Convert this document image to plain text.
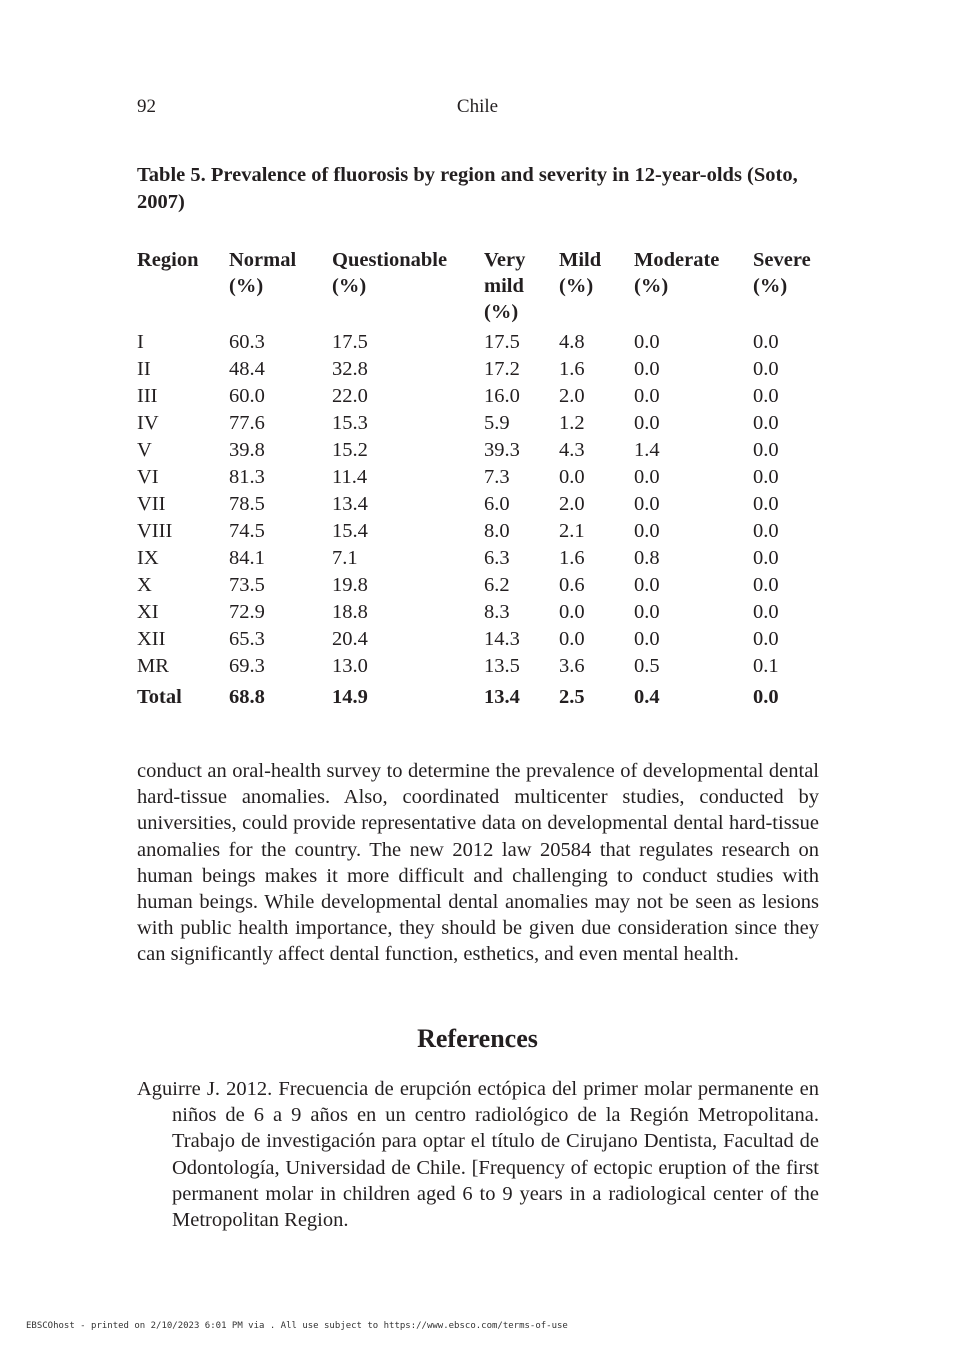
92	Chile
Table 5. Prevalence of fluorosis by region and severity in 12-year-olds (Soto, 2007)
Region	Normal (%)	Questionable (%)	Very mild (%)	Mild (%)	Moderate (%)	Severe (%)
I	60.3	17.5	17.5	4.8	0.0	0.0
II	48.4	32.8	17.2	1.6	0.0	0.0
III	60.0	22.0	16.0	2.0	0.0	0.0
IV	77.6	15.3	5.9	1.2	0.0	0.0
V	39.8	15.2	39.3	4.3	1.4	0.0
VI	81.3	11.4	7.3	0.0	0.0	0.0
VII	78.5	13.4	6.0	2.0	0.0	0.0
VIII	74.5	15.4	8.0	2.1	0.0	0.0
IX	84.1	7.1	6.3	1.6	0.8	0.0
X	73.5	19.8	6.2	0.6	0.0	0.0
XI	72.9	18.8	8.3	0.0	0.0	0.0
XII	65.3	20.4	14.3	0.0	0.0	0.0
MR	69.3	13.0	13.5	3.6	0.5	0.1
Total	68.8	14.9	13.4	2.5	0.4	0.0

conduct an oral-health survey to determine the prevalence of developmental dental hard-tissue anomalies. Also, coordinated multicenter studies, conducted by universities, could provide representative data on developmental dental hard-tissue anomalies for the country. The new 2012 law 20584 that regulates research on human beings makes it more difficult and challenging to conduct studies with human beings. While developmental dental anomalies may not be seen as lesions with public health importance, they should be given due consideration since they can significantly affect dental function, esthetics, and even mental health.

References

Aguirre J. 2012. Frecuencia de erupción ectópica del primer molar permanente en niños de 6 a 9 años en un centro radiológico de la Región Metropolitana. Trabajo de investigación para optar el título de Cirujano Dentista, Facultad de Odontología, Universidad de Chile. [Frequency of ectopic eruption of the first permanent molar in children aged 6 to 9 years in a radiological center of the Metropolitan Region.

EBSCOhost - printed on 2/10/2023 6:01 PM via . All use subject to https://www.ebsco.com/terms-of-use
